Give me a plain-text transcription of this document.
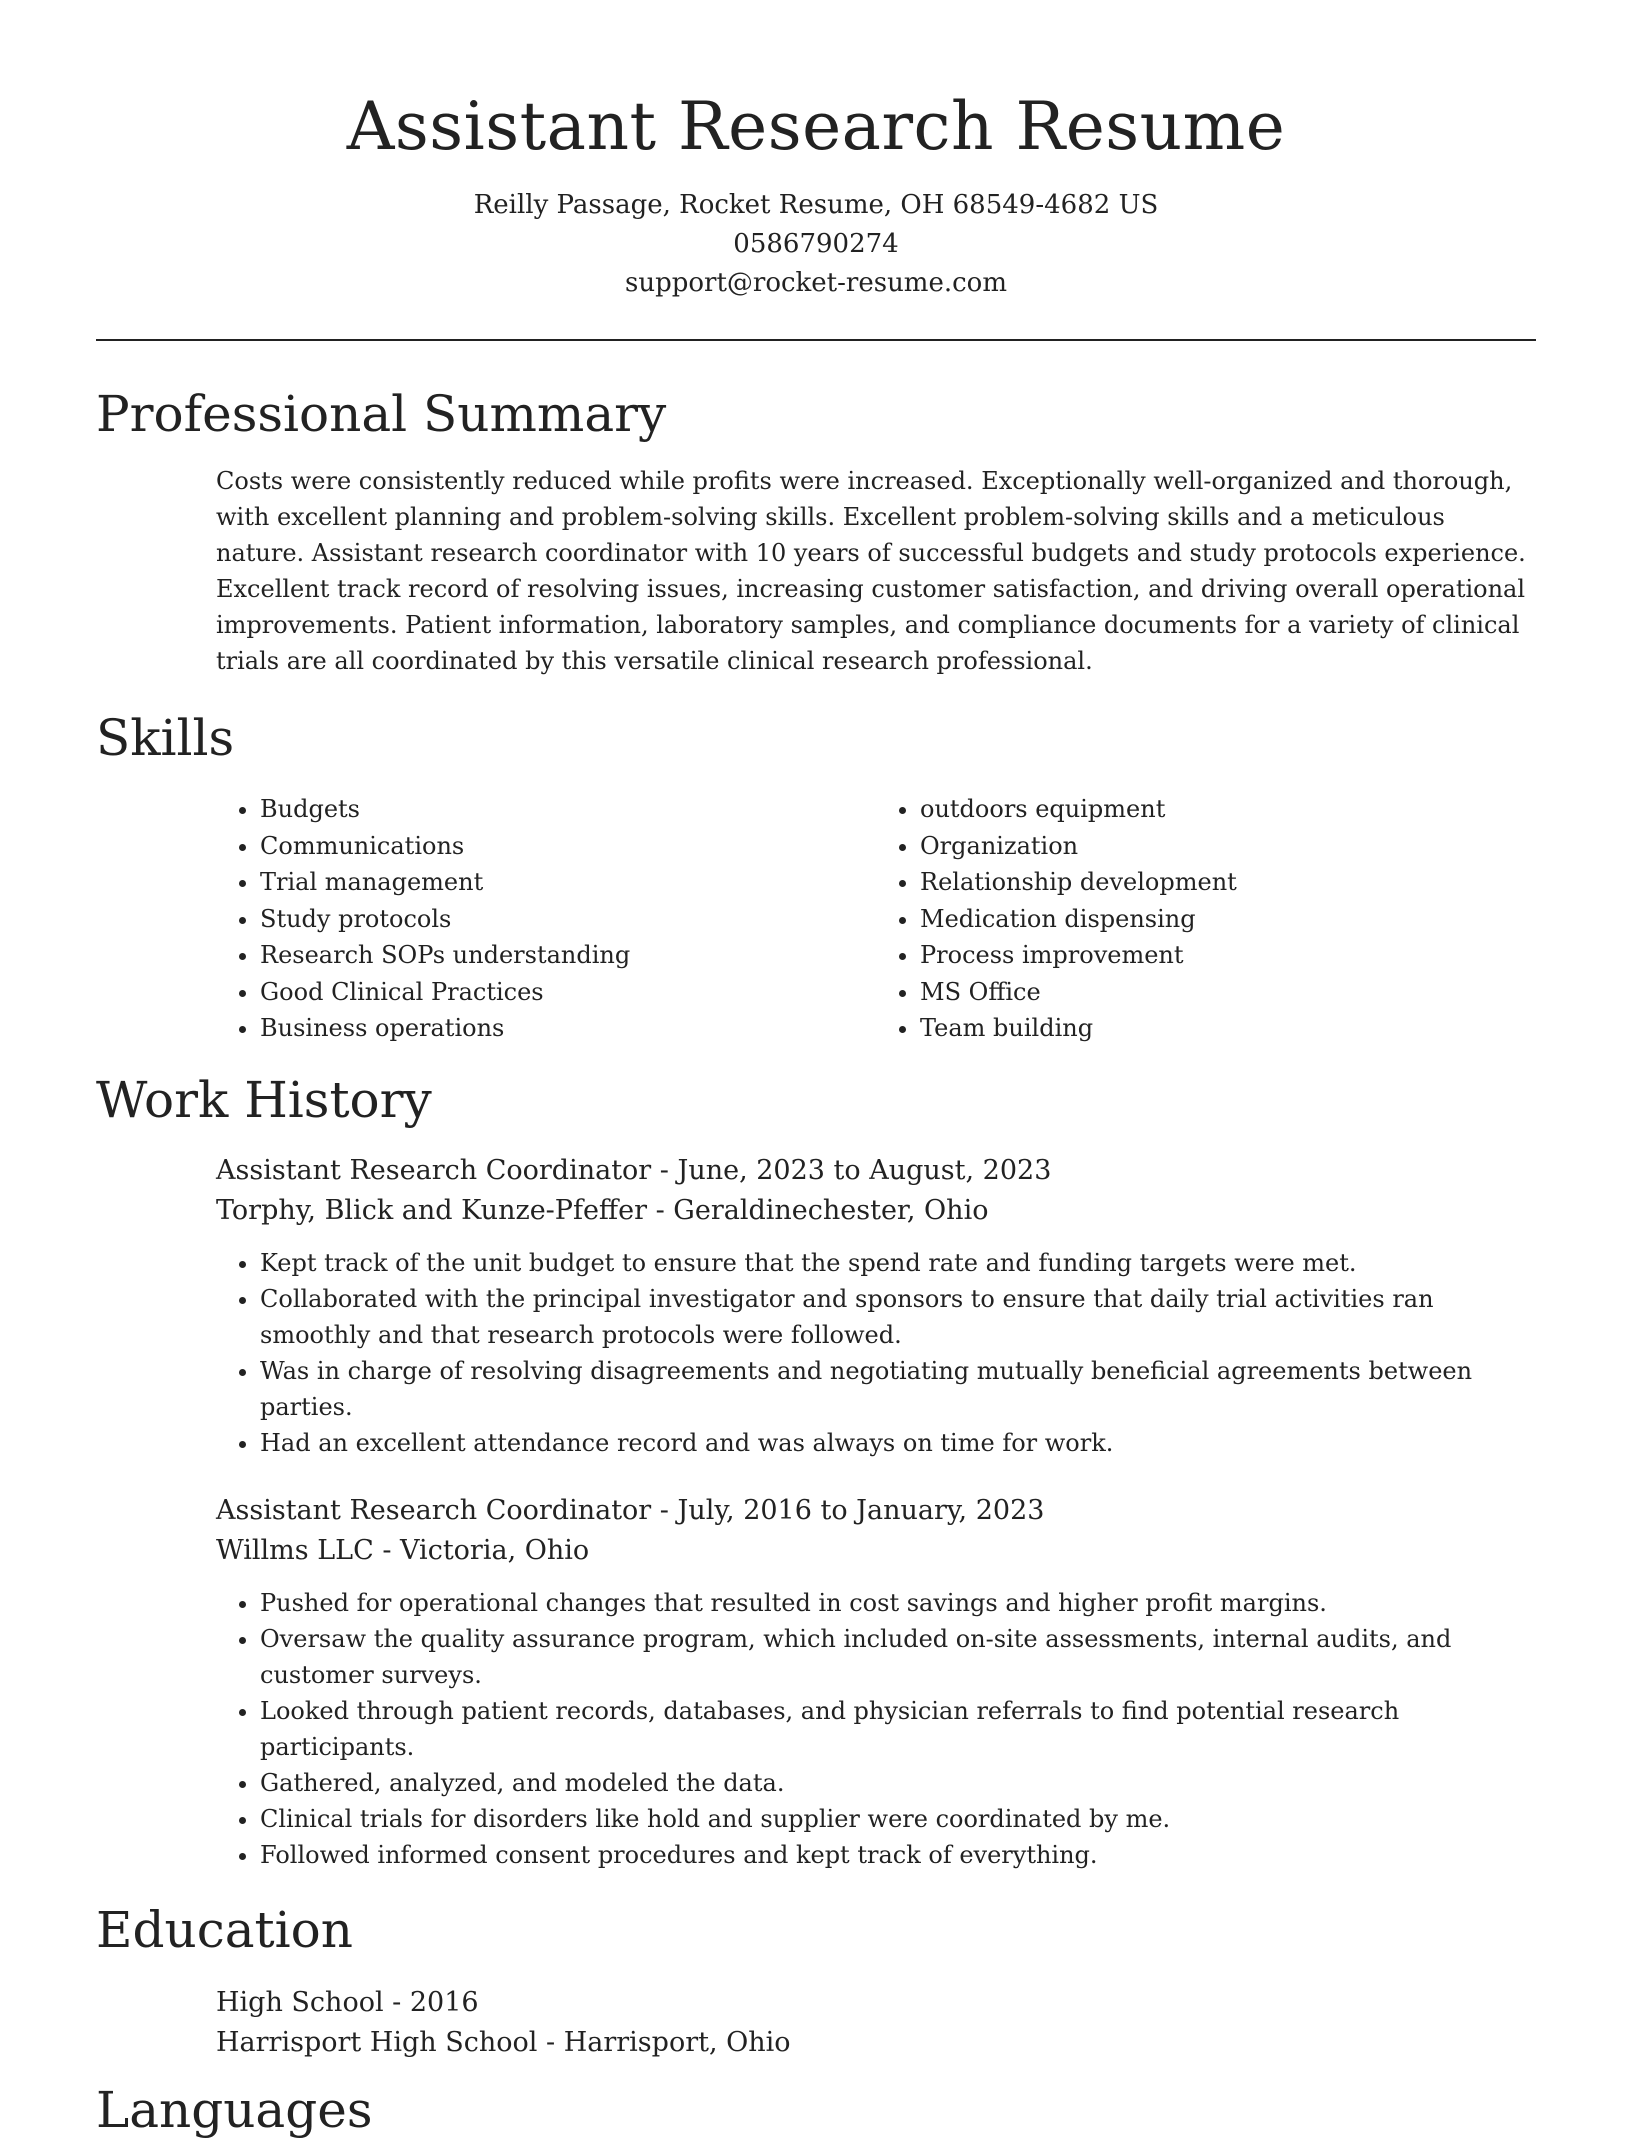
Assistant Research Resume
Reilly Passage, Rocket Resume, OH 68549-4682 US
0586790274
support@rocket-resume.com
Professional Summary

Costs were consistently reduced while profits were increased. Exceptionally well-organized and thorough, with excellent planning and problem-solving skills. Excellent problem-solving skills and a meticulous nature. Assistant research coordinator with 10 years of successful budgets and study protocols experience. Excellent track record of resolving issues, increasing customer satisfaction, and driving overall operational improvements. Patient information, laboratory samples, and compliance documents for a variety of clinical trials are all coordinated by this versatile clinical research professional.

Skills
• Budgets
• Communications
• Trial management
• Study protocols
• Research SOPs understanding
• Good Clinical Practices
• Business operations
• outdoors equipment
• Organization
• Relationship development
• Medication dispensing
• Process improvement
• MS Office
• Team building
Work History
Assistant Research Coordinator - June, 2023 to August, 2023
Torphy, Blick and Kunze-Pfeffer - Geraldinechester, Ohio
• Kept track of the unit budget to ensure that the spend rate and funding targets were met.
• Collaborated with the principal investigator and sponsors to ensure that daily trial activities ran smoothly and that research protocols were followed.
• Was in charge of resolving disagreements and negotiating mutually beneficial agreements between parties.
• Had an excellent attendance record and was always on time for work.
Assistant Research Coordinator - July, 2016 to January, 2023
Willms LLC - Victoria, Ohio
• Pushed for operational changes that resulted in cost savings and higher profit margins.
• Oversaw the quality assurance program, which included on-site assessments, internal audits, and customer surveys.
• Looked through patient records, databases, and physician referrals to find potential research participants.
• Gathered, analyzed, and modeled the data.
• Clinical trials for disorders like hold and supplier were coordinated by me.
• Followed informed consent procedures and kept track of everything.
Education
High School - 2016
Harrisport High School - Harrisport, Ohio
Languages
